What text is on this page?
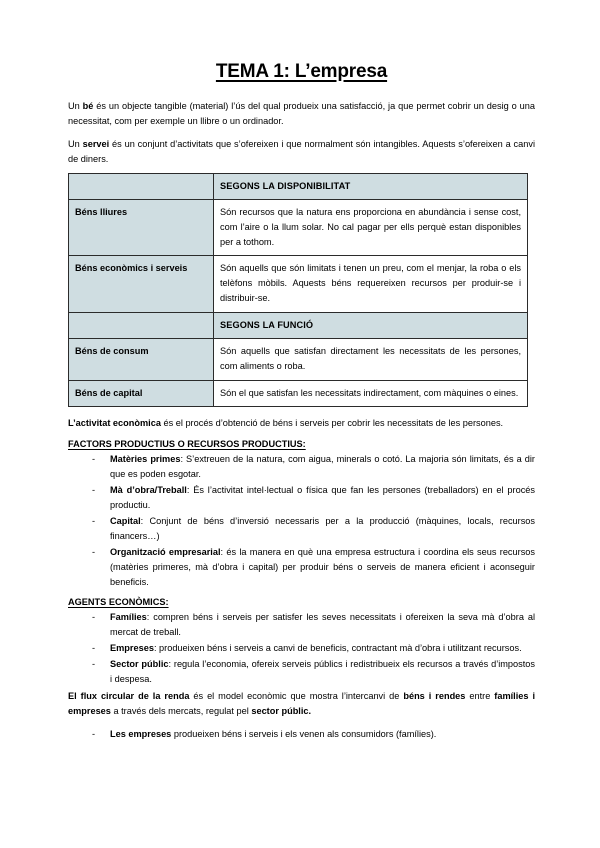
TEMA 1: L’empresa

Un bé és un objecte tangible (material) l’ús del qual produeix una satisfacció, ja que permet cobrir un desig o una necessitat, com per exemple un llibre o un ordinador.

Un servei és un conjunt d’activitats que s’ofereixen i que normalment són intangibles. Aquests s’ofereixen a canvi de diners.

	SEGONS LA DISPONIBILITAT
Béns lliures	Són recursos que la natura ens proporciona en abundància i sense cost, com l’aire o la llum solar. No cal pagar per ells perquè estan disponibles per a tothom.
Béns econòmics i serveis	Són aquells que són limitats i tenen un preu, com el menjar, la roba o els telèfons mòbils. Aquests béns requereixen recursos per produir-se i distribuir-se.
	SEGONS LA FUNCIÓ
Béns de consum	Són aquells que satisfan directament les necessitats de les persones, com aliments o roba.
Béns de capital	Són el que satisfan les necessitats indirectament, com màquines o eines.

L’activitat econòmica és el procés d’obtenció de béns i serveis per cobrir les necessitats de les persones.

FACTORS PRODUCTIUS O RECURSOS PRODUCTIUS:
- Matèries primes: S’extreuen de la natura, com aigua, minerals o cotó. La majoria són limitats, és a dir que es poden esgotar.
- Mà d’obra/Treball: És l’activitat intel·lectual o física que fan les persones (treballadors) en el procés productiu.
- Capital: Conjunt de béns d’inversió necessaris per a la producció (màquines, locals, recursos financers…)
- Organització empresarial: és la manera en què una empresa estructura i coordina els seus recursos (matèries primeres, mà d’obra i capital) per produir béns o serveis de manera eficient i aconseguir beneficis.
AGENTS ECONÒMICS:
- Famílies: compren béns i serveis per satisfer les seves necessitats i ofereixen la seva mà d’obra al mercat de treball.
- Empreses: produeixen béns i serveis a canvi de beneficis, contractant mà d’obra i utilitzant recursos.
- Sector públic: regula l’economia, ofereix serveis públics i redistribueix els recursos a través d’impostos i despesa.

El flux circular de la renda és el model econòmic que mostra l’intercanvi de béns i rendes entre famílies i empreses a través dels mercats, regulat pel sector públic.

- Les empreses produeixen béns i serveis i els venen als consumidors (famílies).
